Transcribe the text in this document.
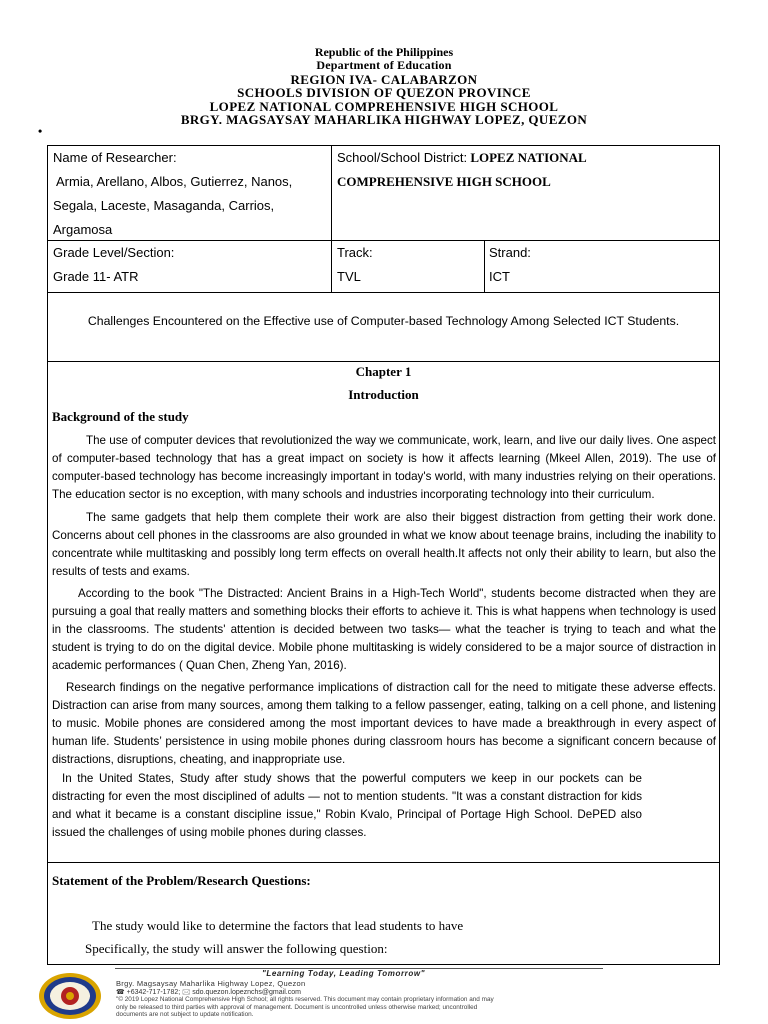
Republic of the Philippines
Department of Education
REGION IVA- CALABARZON
SCHOOLS DIVISION OF QUEZON PROVINCE
LOPEZ NATIONAL COMPREHENSIVE HIGH SCHOOL
BRGY. MAGSAYSAY MAHARLIKA HIGHWAY LOPEZ, QUEZON
•
Name of Researcher:
Armia, Arellano, Albos, Gutierrez, Nanos,
Segala, Laceste, Masaganda, Carrios,
Argamosa
School/School District: LOPEZ NATIONAL
COMPREHENSIVE HIGH SCHOOL
Grade Level/Section:
Grade 11- ATR
Track:
TVL
Strand:
ICT
Challenges Encountered on the Effective use of Computer-based Technology Among Selected ICT Students.
Chapter 1
Introduction
Background of the study

The use of computer devices that revolutionized the way we communicate, work, learn, and live our daily lives. One aspect of computer-based technology that has a great impact on society is how it affects learning (Mkeel Allen, 2019). The use of computer-based technology has become increasingly important in today's world, with many industries relying on their operations. The education sector is no exception, with many schools and industries incorporating technology into their curriculum.

The same gadgets that help them complete their work are also their biggest distraction from getting their work done. Concerns about cell phones in the classrooms are also grounded in what we know about teenage brains, including the inability to concentrate while multitasking and possibly long term effects on overall health.It affects not only their ability to learn, but also the results of tests and exams.

According to the book "The Distracted: Ancient Brains in a High-Tech World", students become distracted when they are pursuing a goal that really matters and something blocks their efforts to achieve it. This is what happens when technology is used in the classrooms. The students' attention is decided between two tasks— what the teacher is trying to teach and what the student is trying to do on the digital device. Mobile phone multitasking is widely considered to be a major source of distraction in academic performances ( Quan Chen, Zheng Yan, 2016).

Research findings on the negative performance implications of distraction call for the need to mitigate these adverse effects. Distraction can arise from many sources, among them talking to a fellow passenger, eating, talking on a cell phone, and listening to music. Mobile phones are considered among the most important devices to have made a breakthrough in every aspect of human life. Students’ persistence in using mobile phones during classroom hours has become a significant concern because of distractions, disruptions, cheating, and inappropriate use.

In the United States, Study after study shows that the powerful computers we keep in our pockets can be distracting for even the most disciplined of adults — not to mention students. "It was a constant distraction for kids and what it became is a constant discipline issue," Robin Kvalo, Principal of Portage High School. DePED also issued the challenges of using mobile phones during classes.

Statement of the Problem/Research Questions:
The study would like to determine the factors that lead students to have
Specifically, the study will answer the following question:
"Learning Today, Leading Tomorrow"
Brgy. Magsaysay Maharlika Highway Lopez, Quezon
☎ +6342-717-1782; 🖂 sdo.quezon.lopeznchs@gmail.com
"© 2019 Lopez National Comprehensive High School; all rights reserved. This document may contain proprietary information and may only be released to third parties with approval of management. Document is uncontrolled unless otherwise marked; uncontrolled documents are not subject to update notification.
